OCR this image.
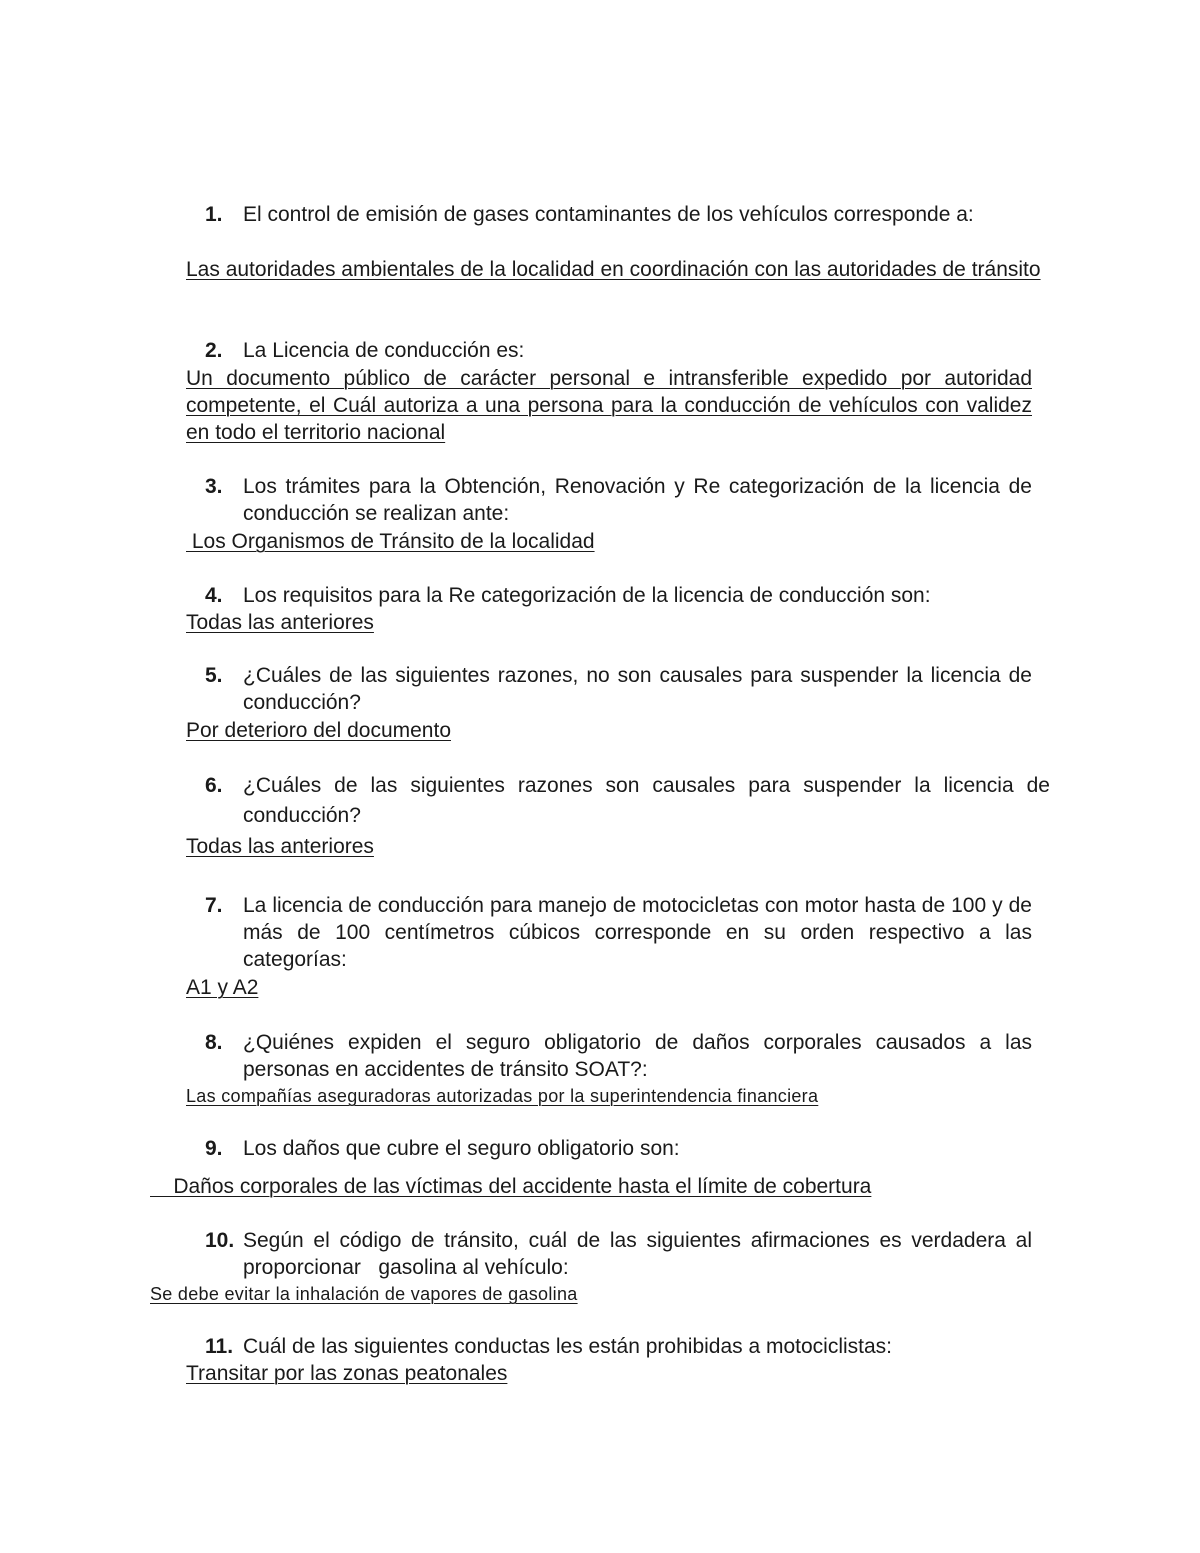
1. El control de emisión de gases contaminantes de los vehículos corresponde a:
Las autoridades ambientales de la localidad en coordinación con las autoridades de tránsito
2. La Licencia de conducción es:
Un documento público de carácter personal e intransferible expedido por autoridad competente, el Cuál autoriza a una persona para la conducción de vehículos con validez en todo el territorio nacional
3. Los trámites para la Obtención, Renovación y Re categorización de la licencia de conducción se realizan ante:
Los Organismos de Tránsito de la localidad
4. Los requisitos para la Re categorización de la licencia de conducción son:
Todas las anteriores
5. ¿Cuáles de las siguientes razones, no son causales para suspender la licencia de conducción?
Por deterioro del documento
6. ¿Cuáles de las siguientes razones son causales para suspender la licencia de conducción?
Todas las anteriores
7. La licencia de conducción para manejo de motocicletas con motor hasta de 100 y de más de 100 centímetros cúbicos corresponde en su orden respectivo a las categorías:
A1 y A2
8. ¿Quiénes expiden el seguro obligatorio de daños corporales causados a las personas en accidentes de tránsito SOAT?:
Las compañías aseguradoras autorizadas por la superintendencia financiera
9. Los daños que cubre el seguro obligatorio son:
Daños corporales de las víctimas del accidente hasta el límite de cobertura
10. Según el código de tránsito, cuál de las siguientes afirmaciones es verdadera al proporcionar   gasolina al vehículo:
Se debe evitar la inhalación de vapores de gasolina
11. Cuál de las siguientes conductas les están prohibidas a motociclistas:
Transitar por las zonas peatonales
